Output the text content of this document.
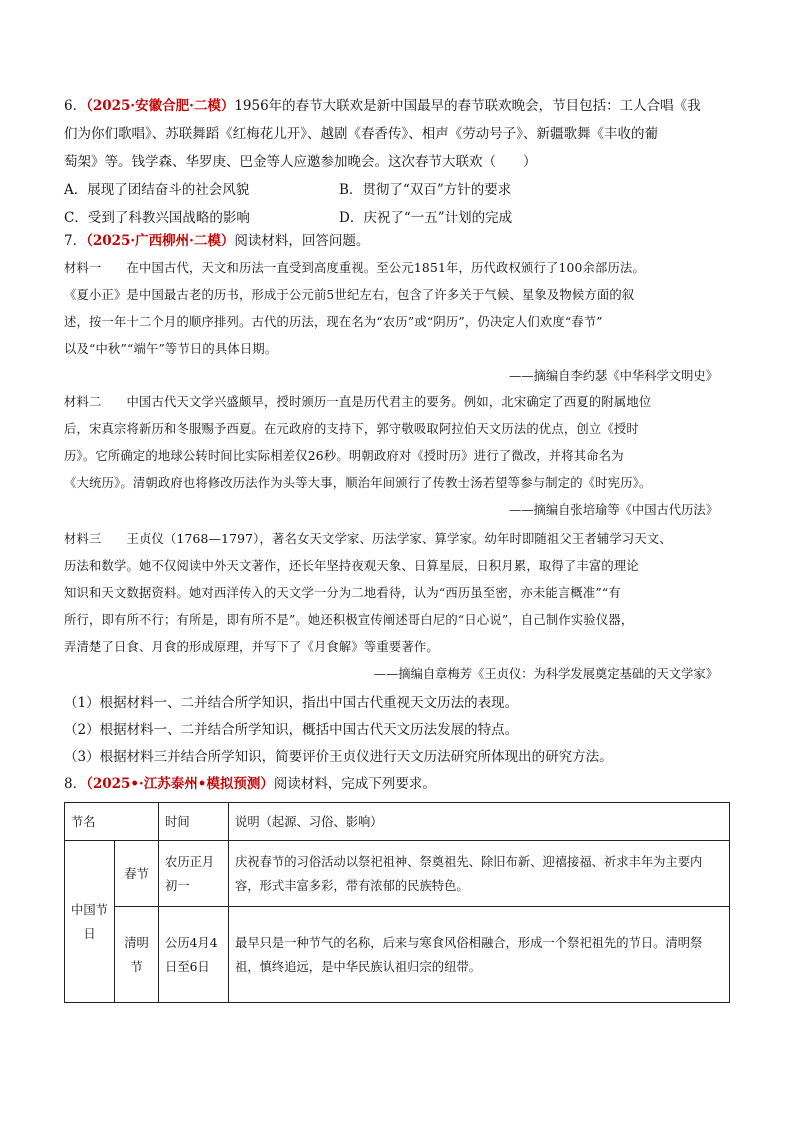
6．（2025·安徽合肥·二模）1956年的春节大联欢是新中国最早的春节联欢晚会，节目包括：工人合唱《我
们为你们歌唱》、苏联舞蹈《红梅花儿开》、越剧《春香传》、相声《劳动号子》、新疆歌舞《丰收的葡
萄架》等。钱学森、华罗庚、巴金等人应邀参加晚会。这次春节大联欢（　　）
A．展现了团结奋斗的社会风貌	B．贯彻了“双百”方针的要求
C．受到了科教兴国战略的影响	D．庆祝了“一五”计划的完成
7．（2025·广西柳州·二模）阅读材料，回答问题。
材料一　　在中国古代，天文和历法一直受到高度重视。至公元1851年，历代政权颁行了100余部历法。
《夏小正》是中国最古老的历书，形成于公元前5世纪左右，包含了许多关于气候、星象及物候方面的叙
述，按一年十二个月的顺序排列。古代的历法，现在名为“农历”或“阴历”，仍决定人们欢度“春节”
以及“中秋”“端午”等节日的具体日期。
——摘编自李约瑟《中华科学文明史》
材料二　　中国古代天文学兴盛颇早，授时颁历一直是历代君主的要务。例如，北宋确定了西夏的附属地位
后，宋真宗将新历和冬服赐予西夏。在元政府的支持下，郭守敬吸取阿拉伯天文历法的优点，创立《授时
历》。它所确定的地球公转时间比实际相差仅26秒。明朝政府对《授时历》进行了微改，并将其命名为
《大统历》。清朝政府也将修改历法作为头等大事，顺治年间颁行了传教士汤若望等参与制定的《时宪历》。
——摘编自张培瑜等《中国古代历法》
材料三　　王贞仪（1768—1797），著名女天文学家、历法学家、算学家。幼年时即随祖父王者辅学习天文、
历法和数学。她不仅阅读中外天文著作，还长年坚持夜观天象、日算星辰，日积月累，取得了丰富的理论
知识和天文数据资料。她对西洋传入的天文学一分为二地看待，认为“西历虽至密，亦未能言概准”“有
所行，即有所不行；有所是，即有所不是”。她还积极宣传阐述哥白尼的“日心说”，自己制作实验仪器，
弄清楚了日食、月食的形成原理，并写下了《月食解》等重要著作。
——摘编自章梅芳《王贞仪：为科学发展奠定基础的天文学家》
（1）根据材料一、二并结合所学知识，指出中国古代重视天文历法的表现。
（2）根据材料一、二并结合所学知识，概括中国古代天文历法发展的特点。
（3）根据材料三并结合所学知识，简要评价王贞仪进行天文历法研究所体现出的研究方法。
8．（2025•·江苏泰州•模拟预测）阅读材料，完成下列要求。
节名		时间	说明（起源、习俗、影响）
中国节日	春节	农历正月初一	庆祝春节的习俗活动以祭祀祖神、祭奠祖先、除旧布新、迎禧接福、祈求丰年为主要内容，形式丰富多彩，带有浓郁的民族特色。
	清明节	公历4月4日至6日	最早只是一种节气的名称，后来与寒食风俗相融合，形成一个祭祀祖先的节日。清明祭祖，慎终追远，是中华民族认祖归宗的纽带。
